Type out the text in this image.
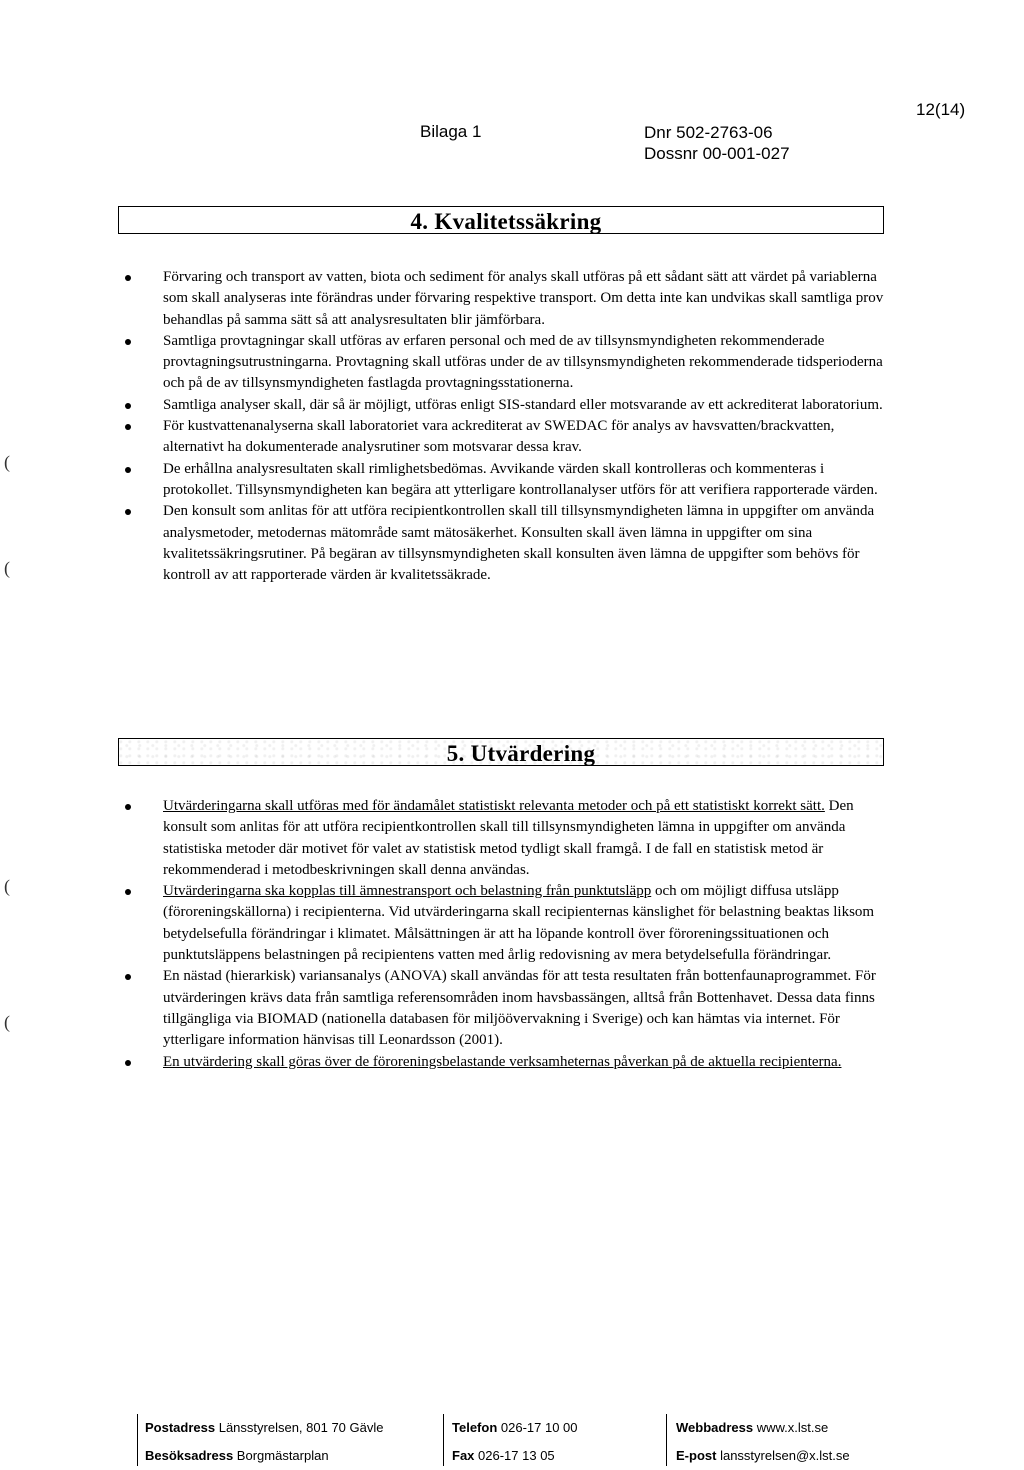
12(14)
Bilaga 1	Dnr 502-2763-06
Dossnr 00-001-027
4. Kvalitetssäkring
Förvaring och transport av vatten, biota och sediment för analys skall utföras på ett sådant sätt att värdet på variablerna som skall analyseras inte förändras under förvaring respektive transport. Om detta inte kan undvikas skall samtliga prov behandlas på samma sätt så att analysresultaten blir jämförbara.
Samtliga provtagningar skall utföras av erfaren personal och med de av tillsynsmyndigheten rekommenderade provtagningsutrustningarna. Provtagning skall utföras under de av tillsynsmyndigheten rekommenderade tidsperioderna och på de av tillsynsmyndigheten fastlagda provtagningsstationerna.
Samtliga analyser skall, där så är möjligt, utföras enligt SIS-standard eller motsvarande av ett ackrediterat laboratorium.
För kustvattenanalyserna skall laboratoriet vara ackrediterat av SWEDAC för analys av havsvatten/brackvatten, alternativt ha dokumenterade analysrutiner som motsvarar dessa krav.
De erhållna analysresultaten skall rimlighetsbedömas. Avvikande värden skall kontrolleras och kommenteras i protokollet. Tillsynsmyndigheten kan begära att ytterligare kontrollanalyser utförs för att verifiera rapporterade värden.
Den konsult som anlitas för att utföra recipientkontrollen skall till tillsynsmyndigheten lämna in uppgifter om använda analysmetoder, metodernas mätområde samt mätosäkerhet. Konsulten skall även lämna in uppgifter om sina kvalitetssäkringsrutiner. På begäran av tillsynsmyndigheten skall konsulten även lämna de uppgifter som behövs för kontroll av att rapporterade värden är kvalitetssäkrade.
5. Utvärdering
Utvärderingarna skall utföras med för ändamålet statistiskt relevanta metoder och på ett statistiskt korrekt sätt. Den konsult som anlitas för att utföra recipientkontrollen skall till tillsynsmyndigheten lämna in uppgifter om använda statistiska metoder där motivet för valet av statistisk metod tydligt skall framgå. I de fall en statistisk metod är rekommenderad i metodbeskrivningen skall denna användas.
Utvärderingarna ska kopplas till ämnestransport och belastning från punktutsläpp och om möjligt diffusa utsläpp (föroreningskällorna) i recipienterna. Vid utvärderingarna skall recipienternas känslighet för belastning beaktas liksom betydelsefulla förändringar i klimatet. Målsättningen är att ha löpande kontroll över föroreningssituationen och punktutsläppens belastningen på recipientens vatten med årlig redovisning av mera betydelsefulla förändringar.
En nästad (hierarkisk) variansanalys (ANOVA) skall användas för att testa resultaten från bottenfaunaprogrammet. För utvärderingen krävs data från samtliga referensområden inom havsbassängen, alltså från Bottenhavet. Dessa data finns tillgängliga via BIOMAD (nationella databasen för miljöövervakning i Sverige) och kan hämtas via internet. För ytterligare information hänvisas till Leonardsson (2001).
En utvärdering skall göras över de föroreningsbelastande verksamheternas påverkan på de aktuella recipienterna.
(
(
(
(
Postadress Länsstyrelsen, 801 70 Gävle
Besöksadress Borgmästarplan
Telefon 026-17 10 00
Fax 026-17 13 05
Webbadress www.x.lst.se
E-post lansstyrelsen@x.lst.se
